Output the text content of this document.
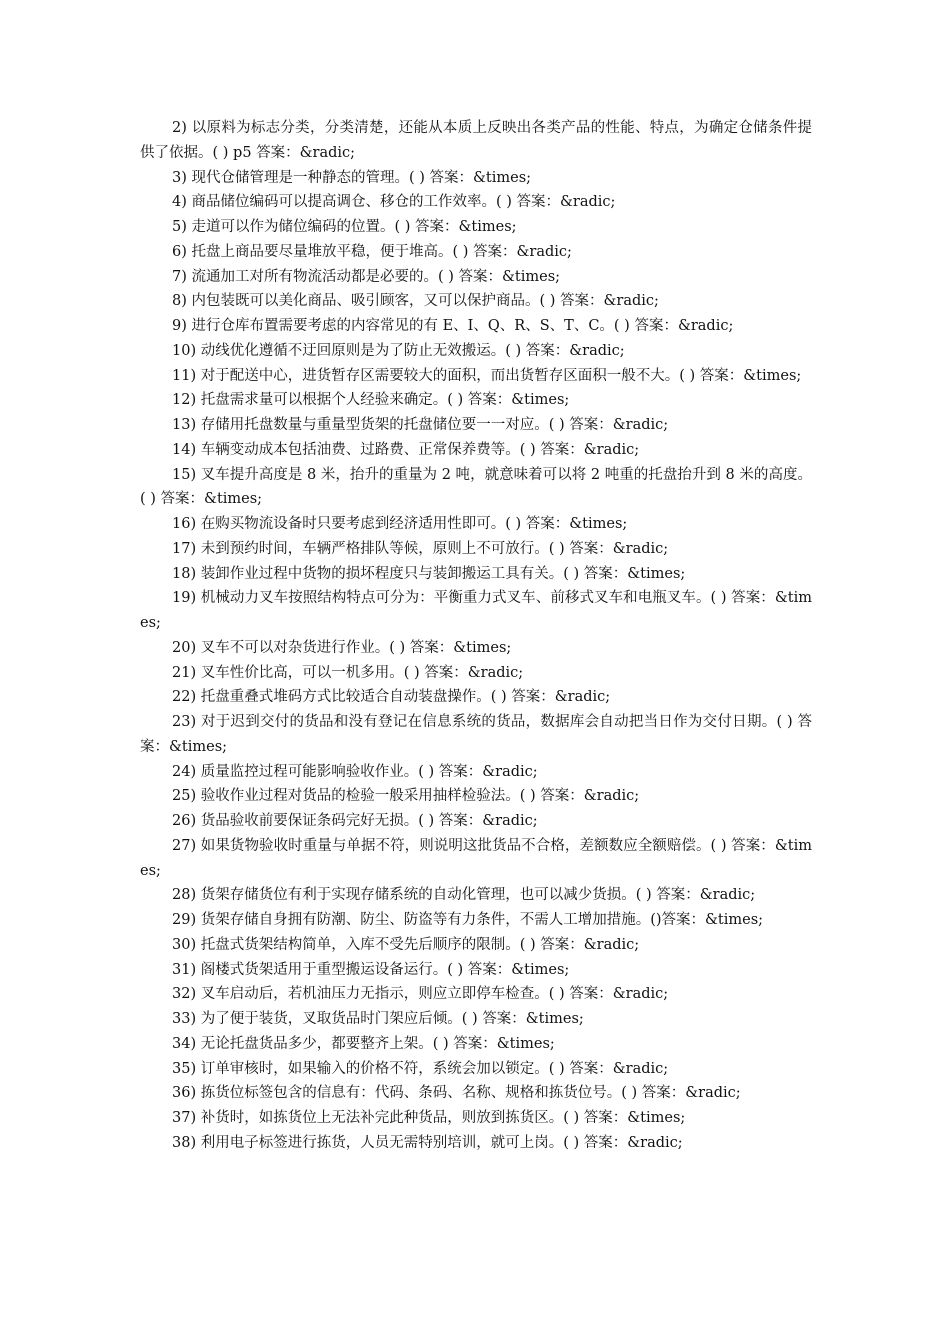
2) 以原料为标志分类，分类清楚，还能从本质上反映出各类产品的性能、特点，为确定仓储条件提供了依据。( ) p5 答案：&radic;

3) 现代仓储管理是一种静态的管理。( ) 答案：&times;

4) 商品储位编码可以提高调仓、移仓的工作效率。( ) 答案：&radic;

5) 走道可以作为储位编码的位置。( ) 答案：&times;

6) 托盘上商品要尽量堆放平稳，便于堆高。( ) 答案：&radic;

7) 流通加工对所有物流活动都是必要的。( ) 答案：&times;

8) 内包装既可以美化商品、吸引顾客，又可以保护商品。( ) 答案：&radic;

9) 进行仓库布置需要考虑的内容常见的有 E、I、Q、R、S、T、C。( ) 答案：&radic;

10) 动线优化遵循不迂回原则是为了防止无效搬运。( ) 答案：&radic;

11) 对于配送中心，进货暂存区需要较大的面积，而出货暂存区面积一般不大。( ) 答案：&times;

12) 托盘需求量可以根据个人经验来确定。( ) 答案：&times;

13) 存储用托盘数量与重量型货架的托盘储位要一一对应。( ) 答案：&radic;

14) 车辆变动成本包括油费、过路费、正常保养费等。( ) 答案：&radic;

15) 叉车提升高度是 8 米，抬升的重量为 2 吨，就意味着可以将 2 吨重的托盘抬升到 8 米的高度。( ) 答案：&times;

16) 在购买物流设备时只要考虑到经济适用性即可。( ) 答案：&times;

17) 未到预约时间，车辆严格排队等候，原则上不可放行。( ) 答案：&radic;

18) 装卸作业过程中货物的损坏程度只与装卸搬运工具有关。( ) 答案：&times;

19) 机械动力叉车按照结构特点可分为：平衡重力式叉车、前移式叉车和电瓶叉车。( ) 答案：&times;

20) 叉车不可以对杂货进行作业。( ) 答案：&times;

21) 叉车性价比高，可以一机多用。( ) 答案：&radic;

22) 托盘重叠式堆码方式比较适合自动装盘操作。( ) 答案：&radic;

23) 对于迟到交付的货品和没有登记在信息系统的货品，数据库会自动把当日作为交付日期。( ) 答案：&times;

24) 质量监控过程可能影响验收作业。( ) 答案：&radic;

25) 验收作业过程对货品的检验一般采用抽样检验法。( ) 答案：&radic;

26) 货品验收前要保证条码完好无损。( ) 答案：&radic;

27) 如果货物验收时重量与单据不符，则说明这批货品不合格，差额数应全额赔偿。( ) 答案：&times;

28) 货架存储货位有利于实现存储系统的自动化管理，也可以减少货损。( ) 答案：&radic;

29) 货架存储自身拥有防潮、防尘、防盗等有力条件，不需人工增加措施。()答案：&times;

30) 托盘式货架结构简单，入库不受先后顺序的限制。( ) 答案：&radic;

31) 阁楼式货架适用于重型搬运设备运行。( ) 答案：&times;

32) 叉车启动后，若机油压力无指示，则应立即停车检查。( ) 答案：&radic;

33) 为了便于装货，叉取货品时门架应后倾。( ) 答案：&times;

34) 无论托盘货品多少，都要整齐上架。( ) 答案：&times;

35) 订单审核时，如果输入的价格不符，系统会加以锁定。( ) 答案：&radic;

36) 拣货位标签包含的信息有：代码、条码、名称、规格和拣货位号。( ) 答案：&radic;

37) 补货时，如拣货位上无法补完此种货品，则放到拣货区。( ) 答案：&times;

38) 利用电子标签进行拣货，人员无需特别培训，就可上岗。( ) 答案：&radic;
